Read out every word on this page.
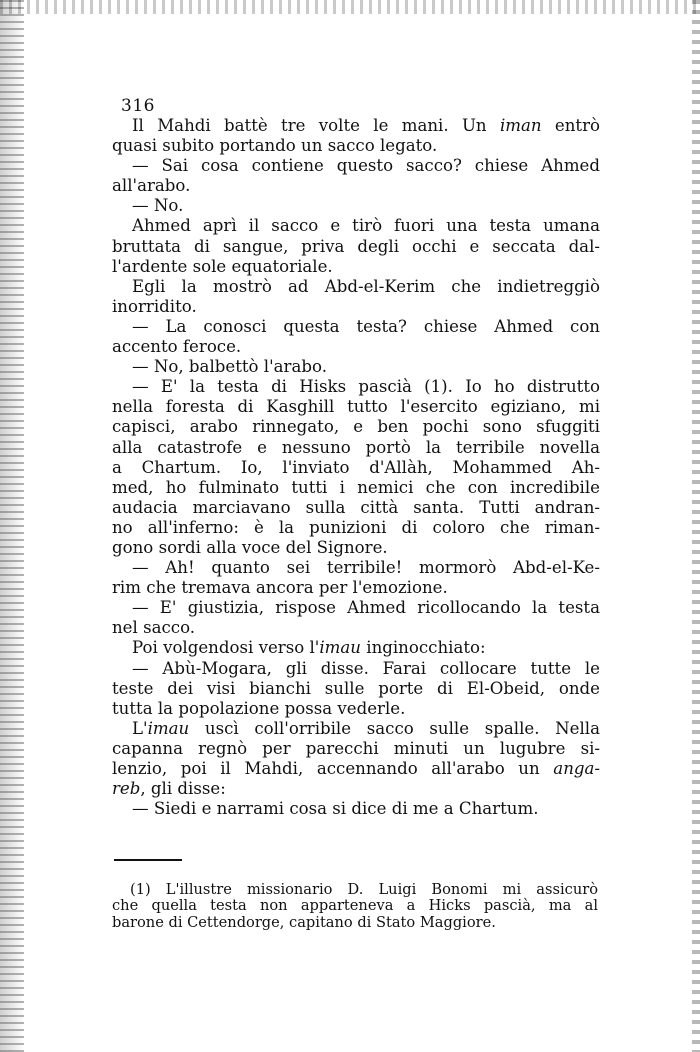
316
Il Mahdi battè tre volte le mani. Un iman entrò
quasi subito portando un sacco legato.
— Sai cosa contiene questo sacco? chiese Ahmed
all'arabo.
— No.
Ahmed aprì il sacco e tirò fuori una testa umana
bruttata di sangue, priva degli occhi e seccata dal-
l'ardente sole equatoriale.
Egli la mostrò ad Abd-el-Kerim che indietreggiò
inorridito.
— La conosci questa testa? chiese Ahmed con
accento feroce.
— No, balbettò l'arabo.
— E' la testa di Hisks pascià (1). Io ho distrutto
nella foresta di Kasghill tutto l'esercito egiziano, mi
capisci, arabo rinnegato, e ben pochi sono sfuggiti
alla catastrofe e nessuno portò la terribile novella
a Chartum. Io, l'inviato d'Allàh, Mohammed Ah-
med, ho fulminato tutti i nemici che con incredibile
audacia marciavano sulla città santa. Tutti andran-
no all'inferno: è la punizioni di coloro che riman-
gono sordi alla voce del Signore.
— Ah! quanto sei terribile! mormorò Abd-el-Ke-
rim che tremava ancora per l'emozione.
— E' giustizia, rispose Ahmed ricollocando la testa
nel sacco.
Poi volgendosi verso l'imau inginocchiato:
— Abù-Mogara, gli disse. Farai collocare tutte le
teste dei visi bianchi sulle porte di El-Obeid, onde
tutta la popolazione possa vederle.
L'imau uscì coll'orribile sacco sulle spalle. Nella
capanna regnò per parecchi minuti un lugubre si-
lenzio, poi il Mahdi, accennando all'arabo un anga-
reb, gli disse:
— Siedi e narrami cosa si dice di me a Chartum.
(1) L'illustre missionario D. Luigi Bonomi mi assicurò
che quella testa non apparteneva a Hicks pascià, ma al
barone di Cettendorge, capitano di Stato Maggiore.
